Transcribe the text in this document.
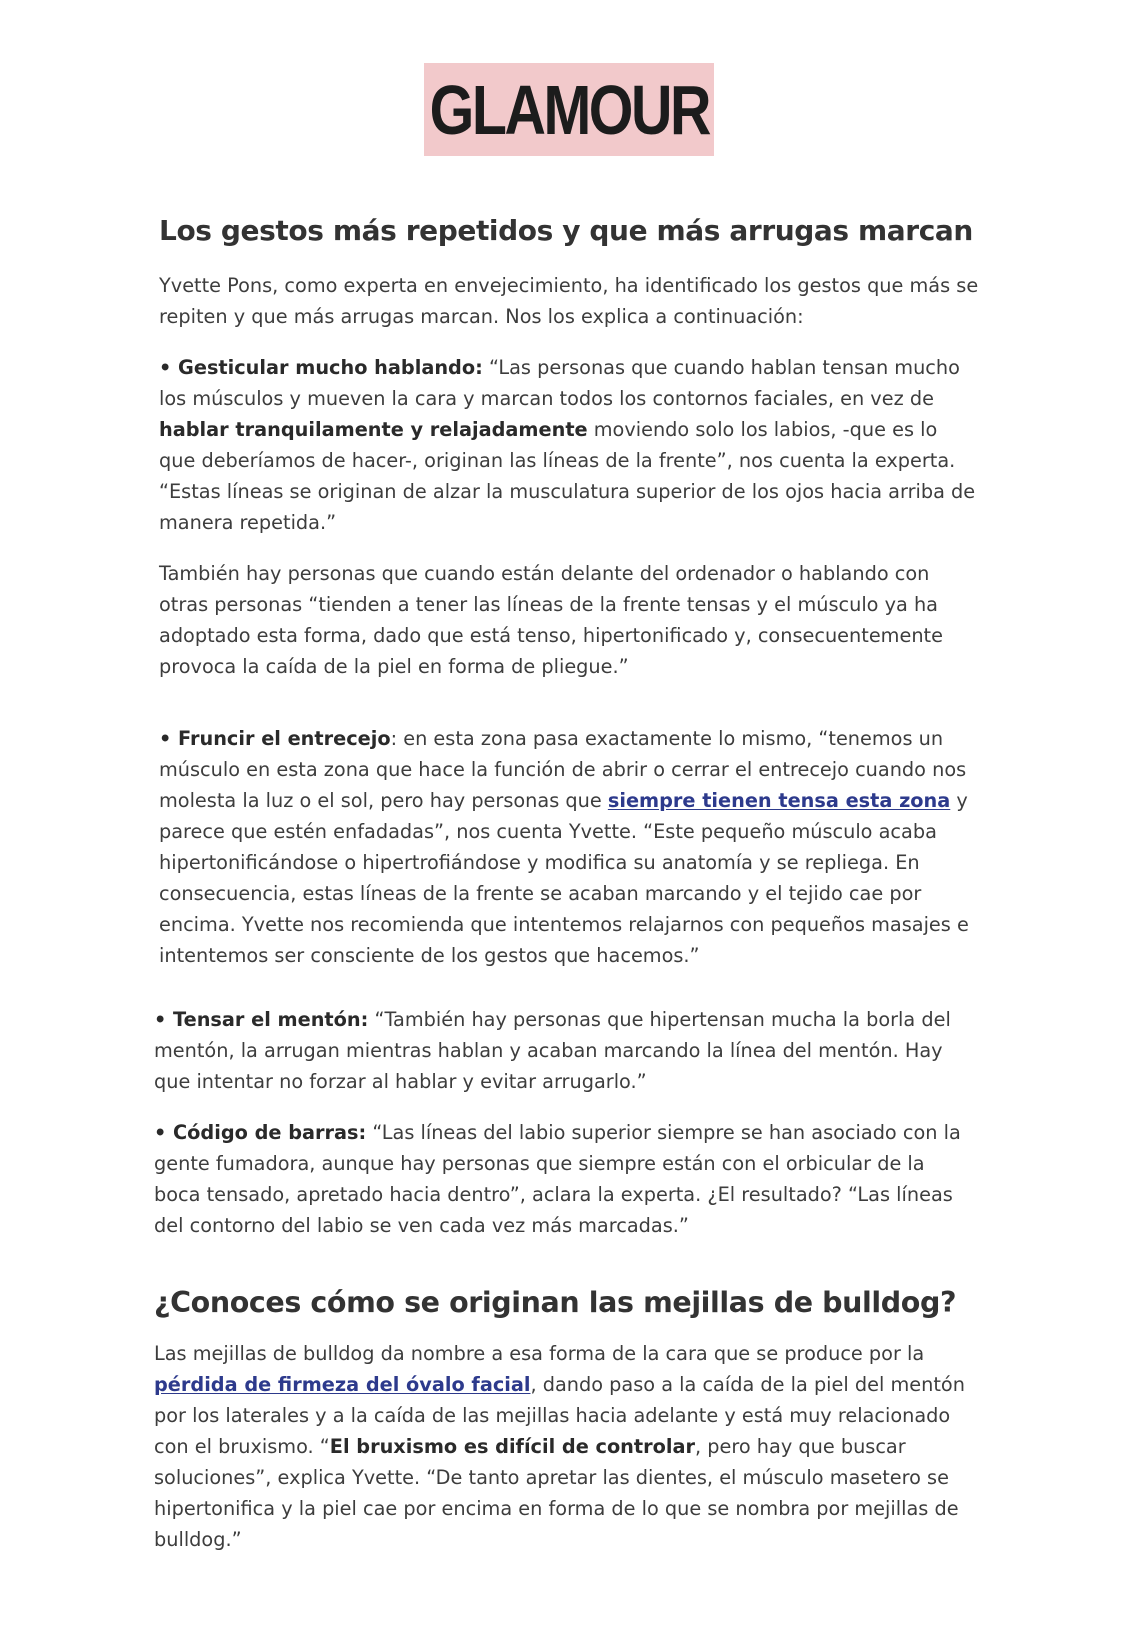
GLAMOUR
Los gestos más repetidos y que más arrugas marcan

Yvette Pons, como experta en envejecimiento, ha identificado los gestos que más se repiten y que más arrugas marcan. Nos los explica a continuación:

• Gesticular mucho hablando: “Las personas que cuando hablan tensan mucho los músculos y mueven la cara y marcan todos los contornos faciales, en vez de hablar tranquilamente y relajadamente moviendo solo los labios, -que es lo que deberíamos de hacer-, originan las líneas de la frente”, nos cuenta la experta. “Estas líneas se originan de alzar la musculatura superior de los ojos hacia arriba de manera repetida.”

También hay personas que cuando están delante del ordenador o hablando con otras personas “tienden a tener las líneas de la frente tensas y el músculo ya ha adoptado esta forma, dado que está tenso, hipertonificado y, consecuentemente provoca la caída de la piel en forma de pliegue.”

• Fruncir el entrecejo: en esta zona pasa exactamente lo mismo, “tenemos un músculo en esta zona que hace la función de abrir o cerrar el entrecejo cuando nos molesta la luz o el sol, pero hay personas que siempre tienen tensa esta zona y parece que estén enfadadas”, nos cuenta Yvette. “Este pequeño músculo acaba hipertonificándose o hipertrofiándose y modifica su anatomía y se repliega. En consecuencia, estas líneas de la frente se acaban marcando y el tejido cae por encima. Yvette nos recomienda que intentemos relajarnos con pequeños masajes e intentemos ser consciente de los gestos que hacemos.”

• Tensar el mentón: “También hay personas que hipertensan mucha la borla del mentón, la arrugan mientras hablan y acaban marcando la línea del mentón. Hay que intentar no forzar al hablar y evitar arrugarlo.”

• Código de barras: “Las líneas del labio superior siempre se han asociado con la gente fumadora, aunque hay personas que siempre están con el orbicular de la boca tensado, apretado hacia dentro”, aclara la experta. ¿El resultado? “Las líneas del contorno del labio se ven cada vez más marcadas.”

¿Conoces cómo se originan las mejillas de bulldog?

Las mejillas de bulldog da nombre a esa forma de la cara que se produce por la pérdida de firmeza del óvalo facial, dando paso a la caída de la piel del mentón por los laterales y a la caída de las mejillas hacia adelante y está muy relacionado con el bruxismo. “El bruxismo es difícil de controlar, pero hay que buscar soluciones”, explica Yvette. “De tanto apretar las dientes, el músculo masetero se hipertonifica y la piel cae por encima en forma de lo que se nombra por mejillas de bulldog.”
